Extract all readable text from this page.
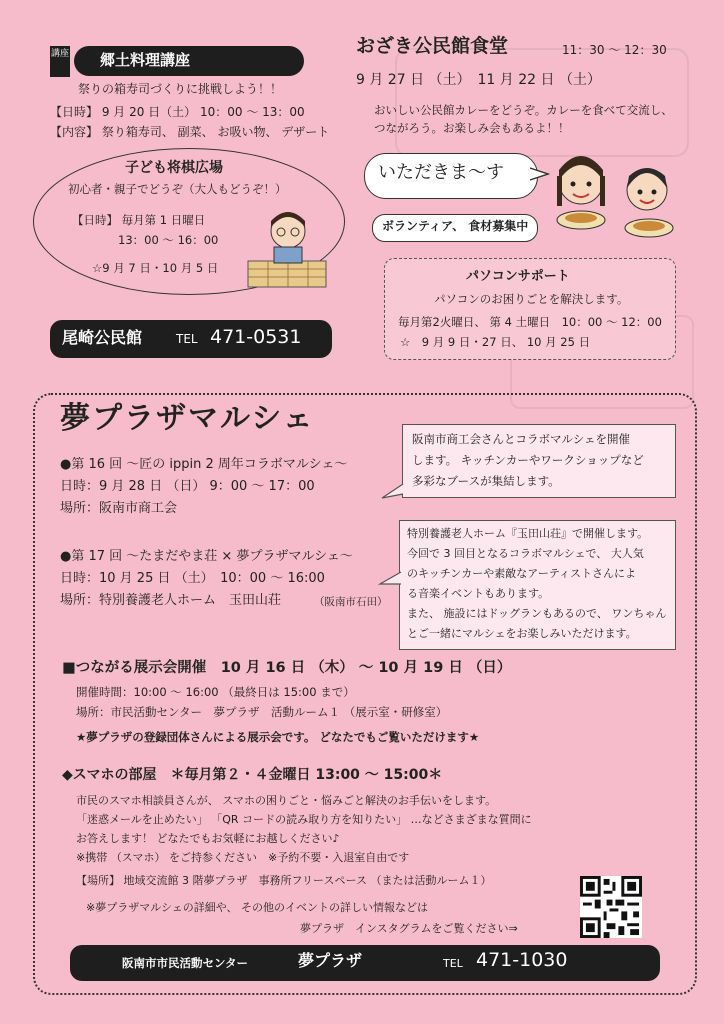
講座 郷土料理講座
祭りの箱寿司づくりに挑戦しよう！！
【日時】 9 月 20 日（土） 10：00 ～ 13：00
【内容】 祭り箱寿司、 副菜、 お吸い物、 デザート
子ども将棋広場
初心者・親子でどうぞ（大人もどうぞ！）
【日時】 毎月第 1 日曜日
13：00 ～ 16：00
☆9 月 7 日・10 月 5 日
尾崎公民館	TEL 471-0531
おざき公民館食堂	11：30 ～ 12：30
9 月 27 日 （土）　11 月 22 日 （土）
おいしい公民館カレーをどうぞ。カレーを食べて交流し、
つながろう。お楽しみ会もあるよ！！
いただきま～す
ボランティア、 食材募集中
パソコンサポート
パソコンのお困りごとを解決します。
毎月第2火曜日、 第 4 土曜日　10：00 ～ 12：00
☆　9 月 9 日・27 日、 10 月 25 日
夢プラザマルシェ
●第 16 回 ～匠の ippin 2 周年コラボマルシェ～
日時：9 月 28 日 （日） 9：00 ～ 17：00
場所：阪南市商工会
阪南市商工会さんとコラボマルシェを開催
します。 キッチンカーやワークショップなど
多彩なブースが集結します。
●第 17 回 ～たまだやま荘 × 夢プラザマルシェ～
日時：10 月 25 日 （土）　10：00 ～ 16:00
場所：特別養護老人ホーム　玉田山荘	（阪南市石田）
特別養護老人ホーム『玉田山荘』で開催します。
今回で 3 回目となるコラボマルシェで、 大人気
のキッチンカーや素敵なアーティストさんによ
る音楽イベントもあります。
また、 施設にはドッグランもあるので、 ワンちゃん
とご一緒にマルシェをお楽しみいただけます。
■つながる展示会開催　10 月 16 日 （木） ～ 10 月 19 日 （日）
開催時間：10:00 ～ 16:00 （最終日は 15:00 まで）
場所：市民活動センター　夢プラザ　活動ルーム１ （展示室・研修室）
★夢プラザの登録団体さんによる展示会です。 どなたでもご覧いただけます★
◆スマホの部屋　＊毎月第２・４金曜日 13:00 ～ 15:00＊
市民のスマホ相談員さんが、 スマホの困りごと・悩みごと解決のお手伝いをします。
「迷惑メールを止めたい」 「QR コードの読み取り方を知りたい」 …などさまざまな質問に
お答えします！ どなたでもお気軽にお越しください♪
※携帯 （スマホ） をご持参ください　※予約不要・入退室自由です
【場所】 地域交流館 3 階夢プラザ　事務所フリースペース （または活動ルーム１）
※夢プラザマルシェの詳細や、 その他のイベントの詳しい情報などは
夢プラザ　インスタグラムをご覧ください⇒
阪南市市民活動センター	夢プラザ	TEL 471-1030
